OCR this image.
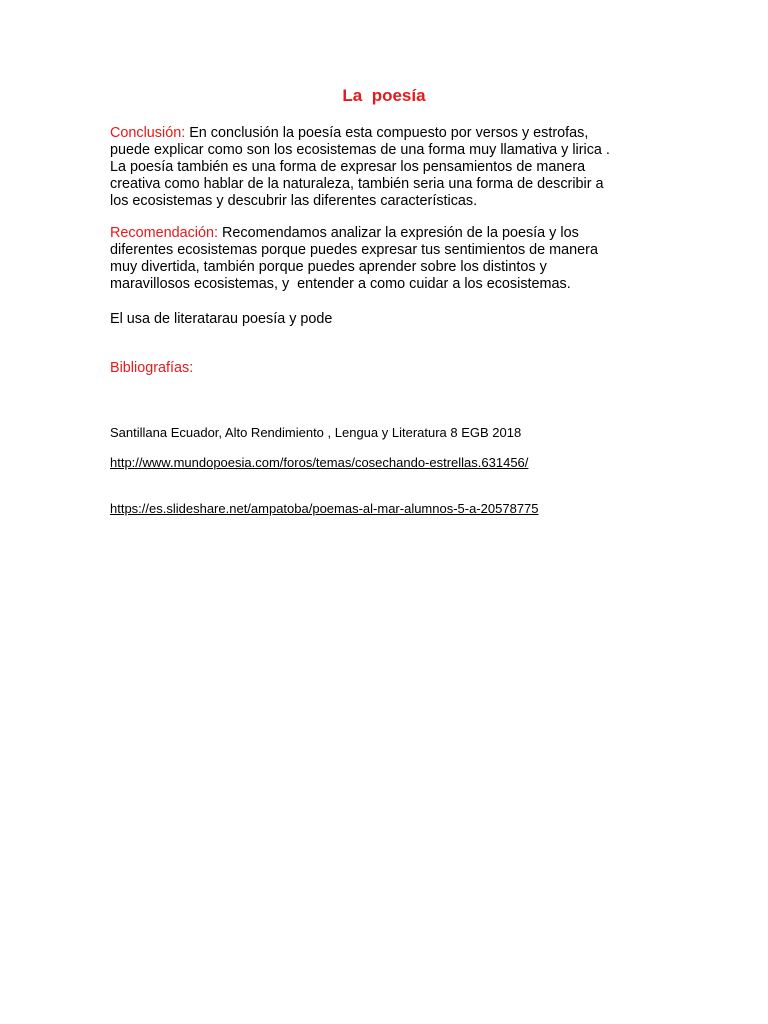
La  poesía
Conclusión: En conclusión la poesía esta compuesto por versos y estrofas,
puede explicar como son los ecosistemas de una forma muy llamativa y lirica .
La poesía también es una forma de expresar los pensamientos de manera
creativa como hablar de la naturaleza, también seria una forma de describir a
los ecosistemas y descubrir las diferentes características.
Recomendación: Recomendamos analizar la expresión de la poesía y los
diferentes ecosistemas porque puedes expresar tus sentimientos de manera
muy divertida, también porque puedes aprender sobre los distintos y
maravillosos ecosistemas, y  entender a como cuidar a los ecosistemas.
El usa de literatarau poesía y pode
Bibliografías:
Santillana Ecuador, Alto Rendimiento , Lengua y Literatura 8 EGB 2018
http://www.mundopoesia.com/foros/temas/cosechando-estrellas.631456/
https://es.slideshare.net/ampatoba/poemas-al-mar-alumnos-5-a-20578775
